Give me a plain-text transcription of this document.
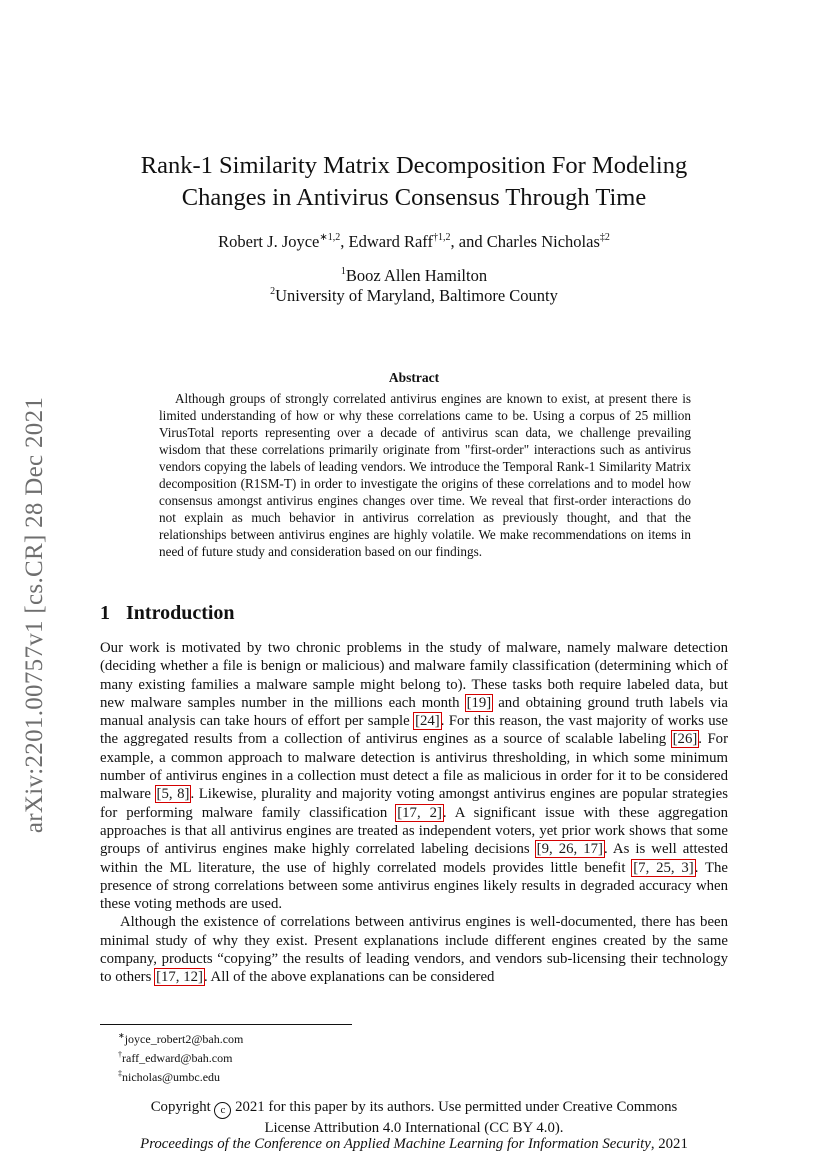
arXiv:2201.00757v1 [cs.CR] 28 Dec 2021
Rank-1 Similarity Matrix Decomposition For Modeling
Changes in Antivirus Consensus Through Time
Robert J. Joyce$^{∗1,2}$, Edward Raff$^{\dagger 1,2}$, and Charles Nicholas$^{\ddagger 2}$
$^1$Booz Allen Hamilton
$^2$University of Maryland, Baltimore County
Abstract

Although groups of strongly correlated antivirus engines are known to exist, at present there is limited understanding of how or why these correlations came to be. Using a corpus of 25 million VirusTotal reports representing over a decade of antivirus scan data, we challenge prevailing wisdom that these correlations primarily originate from "first-order" interactions such as antivirus vendors copying the labels of leading vendors. We introduce the Temporal Rank-1 Similarity Matrix decomposition (R1SM-T) in order to investigate the origins of these correlations and to model how consensus amongst antivirus engines changes over time. We reveal that first-order interactions do not explain as much behavior in antivirus correlation as previously thought, and that the relationships between antivirus engines are highly volatile. We make recommendations on items in need of future study and consideration based on our findings.

1 Introduction

Our work is motivated by two chronic problems in the study of malware, namely malware detection (deciding whether a file is benign or malicious) and malware family classification (determining which of many existing families a malware sample might belong to). These tasks both require labeled data, but new malware samples number in the millions each month [19] and obtaining ground truth labels via manual analysis can take hours of effort per sample [24]. For this reason, the vast majority of works use the aggregated results from a collection of antivirus engines as a source of scalable labeling [26]. For example, a common approach to malware detection is antivirus thresholding, in which some minimum number of antivirus engines in a collection must detect a file as malicious in order for it to be considered malware [5, 8]. Likewise, plurality and majority voting amongst antivirus engines are popular strategies for performing malware family classification [17, 2]. A significant issue with these aggregation approaches is that all antivirus engines are treated as independent voters, yet prior work shows that some groups of antivirus engines make highly correlated labeling decisions [9, 26, 17]. As is well attested within the ML literature, the use of highly correlated models provides little benefit [7, 25, 3]. The presence of strong correlations between some antivirus engines likely results in degraded accuracy when these voting methods are used.

Although the existence of correlations between antivirus engines is well-documented, there has been minimal study of why they exist. Present explanations include different engines created by the same company, products “copying” the results of leading vendors, and vendors sub-licensing their technology to others [17, 12]. All of the above explanations can be considered

∗joyce_robert2@bah.com
†raff_edward@bah.com
‡nicholas@umbc.edu
Copyright c 2021 for this paper by its authors. Use permitted under Creative Commons
License Attribution 4.0 International (CC BY 4.0).
Proceedings of the Conference on Applied Machine Learning for Information Security, 2021
